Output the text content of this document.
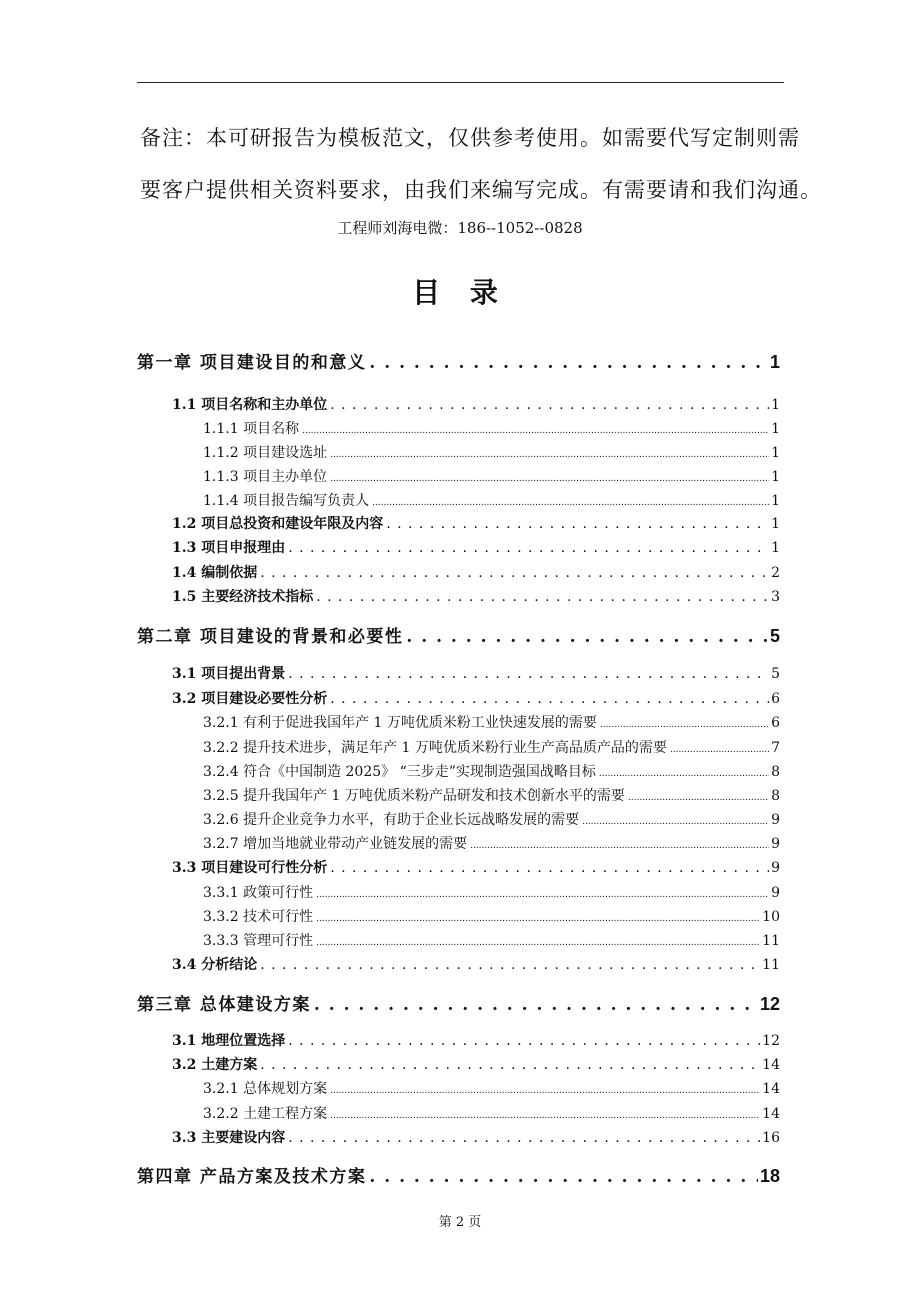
备注：本可研报告为模板范文，仅供参考使用。如需要代写定制则需
要客户提供相关资料要求，由我们来编写完成。有需要请和我们沟通。
工程师刘海电微：186--1052--0828
目 录
第一章 项目建设目的和意义 . . .	1
1.1 项目名称和主办单位 . . .	1
1.1.1 项目名称 .....	1
1.1.2 项目建设选址 .....	1
1.1.3 项目主办单位 .....	1
1.1.4 项目报告编写负责人 .....	1
1.2 项目总投资和建设年限及内容 . . .	1
1.3 项目申报理由 . . .	1
1.4 编制依据 . . .	2
1.5 主要经济技术指标 . . .	3
第二章 项目建设的背景和必要性 . . .	5
3.1 项目提出背景 . . .	5
3.2 项目建设必要性分析 . . .	6
3.2.1 有利于促进我国年产 1 万吨优质米粉工业快速发展的需要 .....	6
3.2.2 提升技术进步，满足年产 1 万吨优质米粉行业生产高品质产品的需要 .....	7
3.2.4 符合《中国制造 2025》 “三步走”实现制造强国战略目标 .....	8
3.2.5 提升我国年产 1 万吨优质米粉产品研发和技术创新水平的需要 .....	8
3.2.6 提升企业竞争力水平，有助于企业长远战略发展的需要 .....	9
3.2.7 增加当地就业带动产业链发展的需要 .....	9
3.3 项目建设可行性分析 . . .	9
3.3.1 政策可行性 .....	9
3.3.2 技术可行性 .....	10
3.3.3 管理可行性 .....	11
3.4 分析结论 . . .	11
第三章 总体建设方案 . . .	12
3.1 地理位置选择 . . .	12
3.2 土建方案 . . .	14
3.2.1 总体规划方案 .....	14
3.2.2 土建工程方案 .....	14
3.3 主要建设内容 . . .	16
第四章 产品方案及技术方案 . . .	18
第 2 页
